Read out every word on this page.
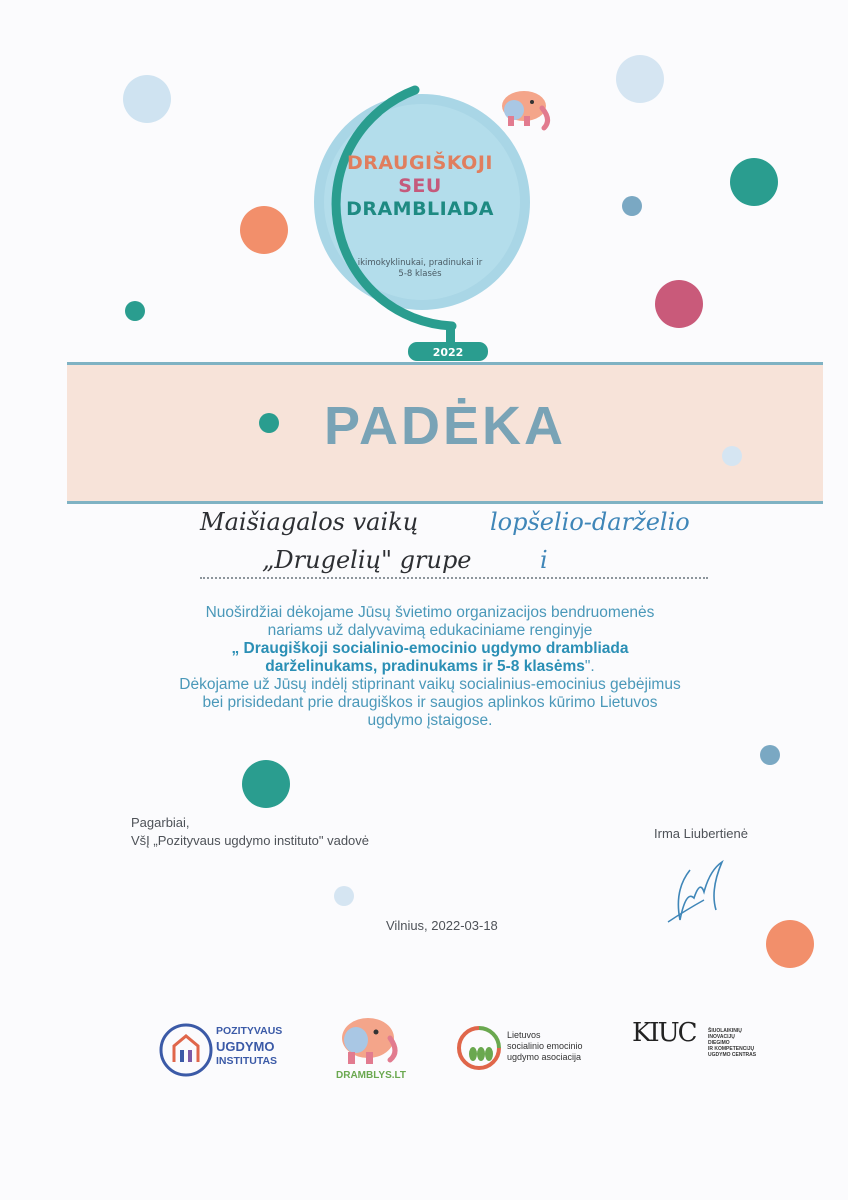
DRAUGIŠKOJI
SEU
DRAMBLIADA
ikimokyklinukai, pradinukai ir
5-8 klasės
2022
PADĖKA
Maišiagalos vaikų	lopšelio-darželio
„Drugelių" grupe	i
Nuoširdžiai dėkojame Jūsų švietimo organizacijos bendruomenės
nariams už dalyvavimą edukaciniame renginyje
„ Draugiškoji socialinio-emocinio ugdymo drambliada
darželinukams, pradinukams ir 5-8 klasėms".
Dėkojame už Jūsų indėlį stiprinant vaikų socialinius-emocinius gebėjimus
bei prisidedant prie draugiškos ir saugios aplinkos kūrimo Lietuvos
ugdymo įstaigose.
Pagarbiai,
VšĮ „Pozityvaus ugdymo instituto" vadovė	Irma Liubertienė
Vilnius, 2022-03-18
POZITYVAUS
UGDYMO
INSTITUTAS
DRAMBLYS.LT
Lietuvos
socialinio emocinio
ugdymo asociacija
KIUC	ŠIUOLAIKINIŲ
INOVACIJŲ
DIEGIMO
IR KOMPETENCIJŲ
UGDYMO CENTRAS
